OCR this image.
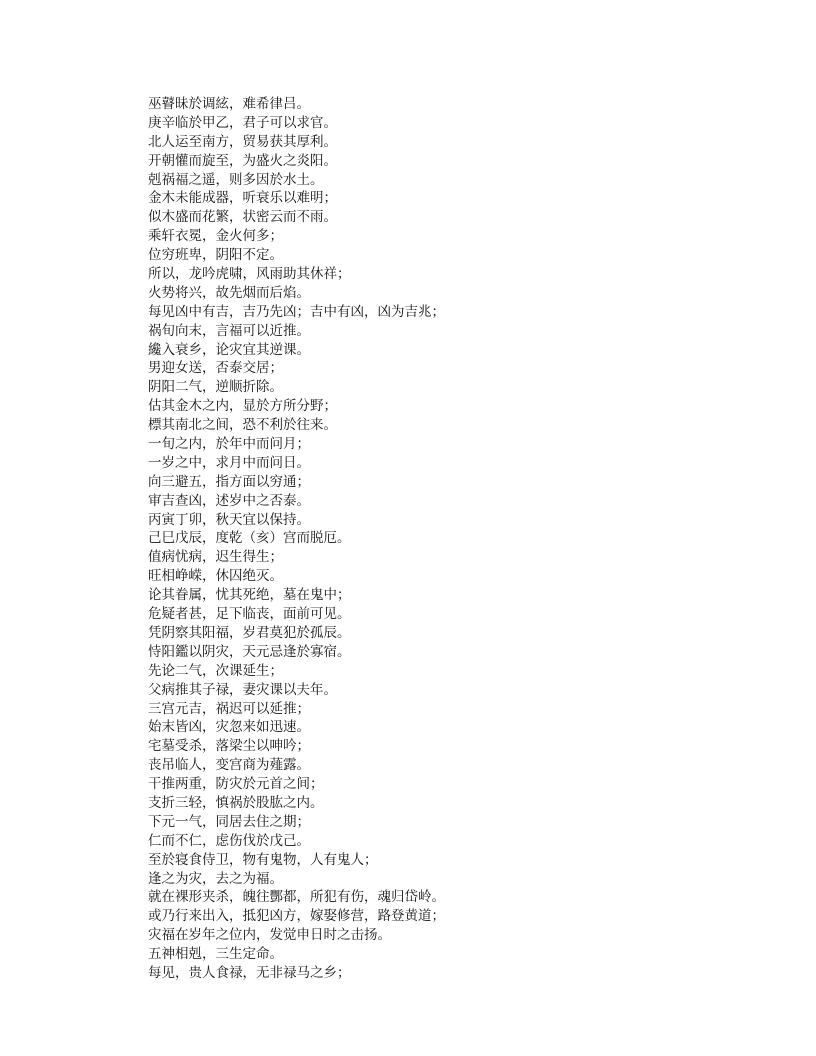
巫瞽昧於调絃，难希律吕。
庚辛临於甲乙，君子可以求官。
北人运至南方，贸易获其厚利。
开朝懽而旋至，为盛火之炎阳。
剋祸福之遥，则多因於水土。
金木未能成器，听衰乐以难明；
似木盛而花繁，状密云而不雨。
乘轩衣冕，金火何多；
位穷班卑，阴阳不定。
所以，龙吟虎啸，风雨助其休祥；
火势将兴，故先烟而后焰。
每见凶中有吉，吉乃先凶；吉中有凶，凶为吉兆；
祸旬向末，言福可以近推。
纔入衰乡，论灾宜其逆课。
男迎女送，否泰交居；
阴阳二气，逆顺折除。
估其金木之内，显於方所分野；
標其南北之间，恐不利於往来。
一旬之内，於年中而问月；
一岁之中，求月中而问日。
向三避五，指方面以穷通；
审吉查凶，述岁中之否泰。
丙寅丁卯，秋天宜以保持。
己巳戊辰，度乾（亥）宫而脱厄。
值病忧病，迟生得生；
旺相峥嵘，休囚绝灭。
论其眷属，忧其死绝，墓在鬼中；
危疑者甚，足下临丧，面前可见。
凭阴察其阳福，岁君莫犯於孤辰。
恃阳鑑以阴灾，天元忌逢於寡宿。
先论二气，次课延生；
父病推其子禄，妻灾课以夫年。
三宫元吉，祸迟可以延推；
始末皆凶，灾忽来如迅速。
宅墓受杀，落梁尘以呻吟；
丧吊临人，变宫商为薤露。
干推两重，防灾於元首之间；
支折三轻，慎祸於股肱之内。
下元一气，同居去住之期；
仁而不仁，虑伤伐於戊己。
至於寝食侍卫，物有鬼物，人有鬼人；
逢之为灾，去之为福。
就在裸形夹杀，魄往酆都，所犯有伤，魂归岱岭。
或乃行来出入，抵犯凶方，嫁娶修营，路登黄道；
灾福在岁年之位内，发觉申日时之击扬。
五神相剋，三生定命。
每见，贵人食禄，无非禄马之乡；
